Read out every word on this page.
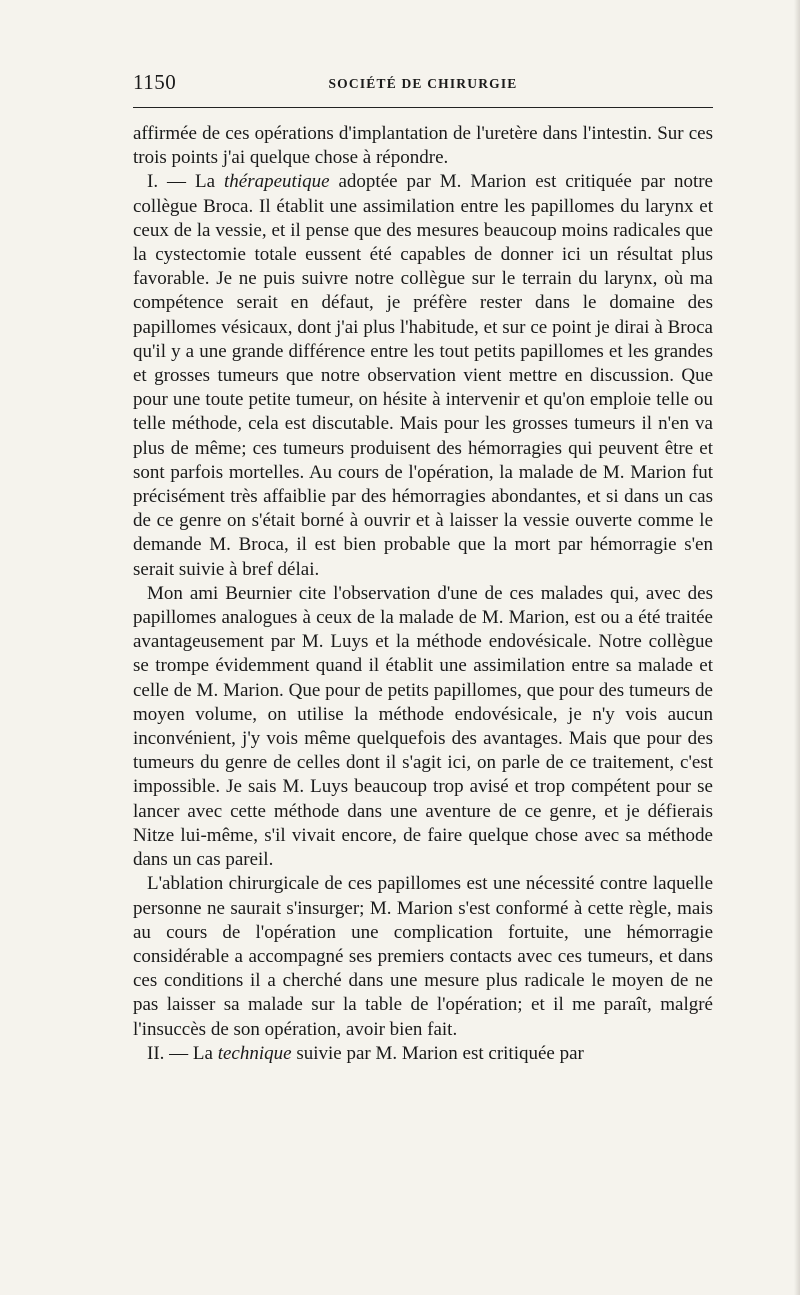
1150	SOCIÉTÉ DE CHIRURGIE

affirmée de ces opérations d'implantation de l'uretère dans l'intestin. Sur ces trois points j'ai quelque chose à répondre.

I. — La thérapeutique adoptée par M. Marion est critiquée par notre collègue Broca. Il établit une assimilation entre les papillomes du larynx et ceux de la vessie, et il pense que des mesures beaucoup moins radicales que la cystectomie totale eussent été capables de donner ici un résultat plus favorable. Je ne puis suivre notre collègue sur le terrain du larynx, où ma compétence serait en défaut, je préfère rester dans le domaine des papillomes vésicaux, dont j'ai plus l'habitude, et sur ce point je dirai à Broca qu'il y a une grande différence entre les tout petits papillomes et les grandes et grosses tumeurs que notre observation vient mettre en discussion. Que pour une toute petite tumeur, on hésite à intervenir et qu'on emploie telle ou telle méthode, cela est discutable. Mais pour les grosses tumeurs il n'en va plus de même; ces tumeurs produisent des hémorragies qui peuvent être et sont parfois mortelles. Au cours de l'opération, la malade de M. Marion fut précisément très affaiblie par des hémorragies abondantes, et si dans un cas de ce genre on s'était borné à ouvrir et à laisser la vessie ouverte comme le demande M. Broca, il est bien probable que la mort par hémorragie s'en serait suivie à bref délai.

Mon ami Beurnier cite l'observation d'une de ces malades qui, avec des papillomes analogues à ceux de la malade de M. Marion, est ou a été traitée avantageusement par M. Luys et la méthode endovésicale. Notre collègue se trompe évidemment quand il établit une assimilation entre sa malade et celle de M. Marion. Que pour de petits papillomes, que pour des tumeurs de moyen volume, on utilise la méthode endovésicale, je n'y vois aucun inconvénient, j'y vois même quelquefois des avantages. Mais que pour des tumeurs du genre de celles dont il s'agit ici, on parle de ce traitement, c'est impossible. Je sais M. Luys beaucoup trop avisé et trop compétent pour se lancer avec cette méthode dans une aventure de ce genre, et je défierais Nitze lui-même, s'il vivait encore, de faire quelque chose avec sa méthode dans un cas pareil.

L'ablation chirurgicale de ces papillomes est une nécessité contre laquelle personne ne saurait s'insurger; M. Marion s'est conformé à cette règle, mais au cours de l'opération une complication fortuite, une hémorragie considérable a accompagné ses premiers contacts avec ces tumeurs, et dans ces conditions il a cherché dans une mesure plus radicale le moyen de ne pas laisser sa malade sur la table de l'opération; et il me paraît, malgré l'insuccès de son opération, avoir bien fait.

II. — La technique suivie par M. Marion est critiquée par
